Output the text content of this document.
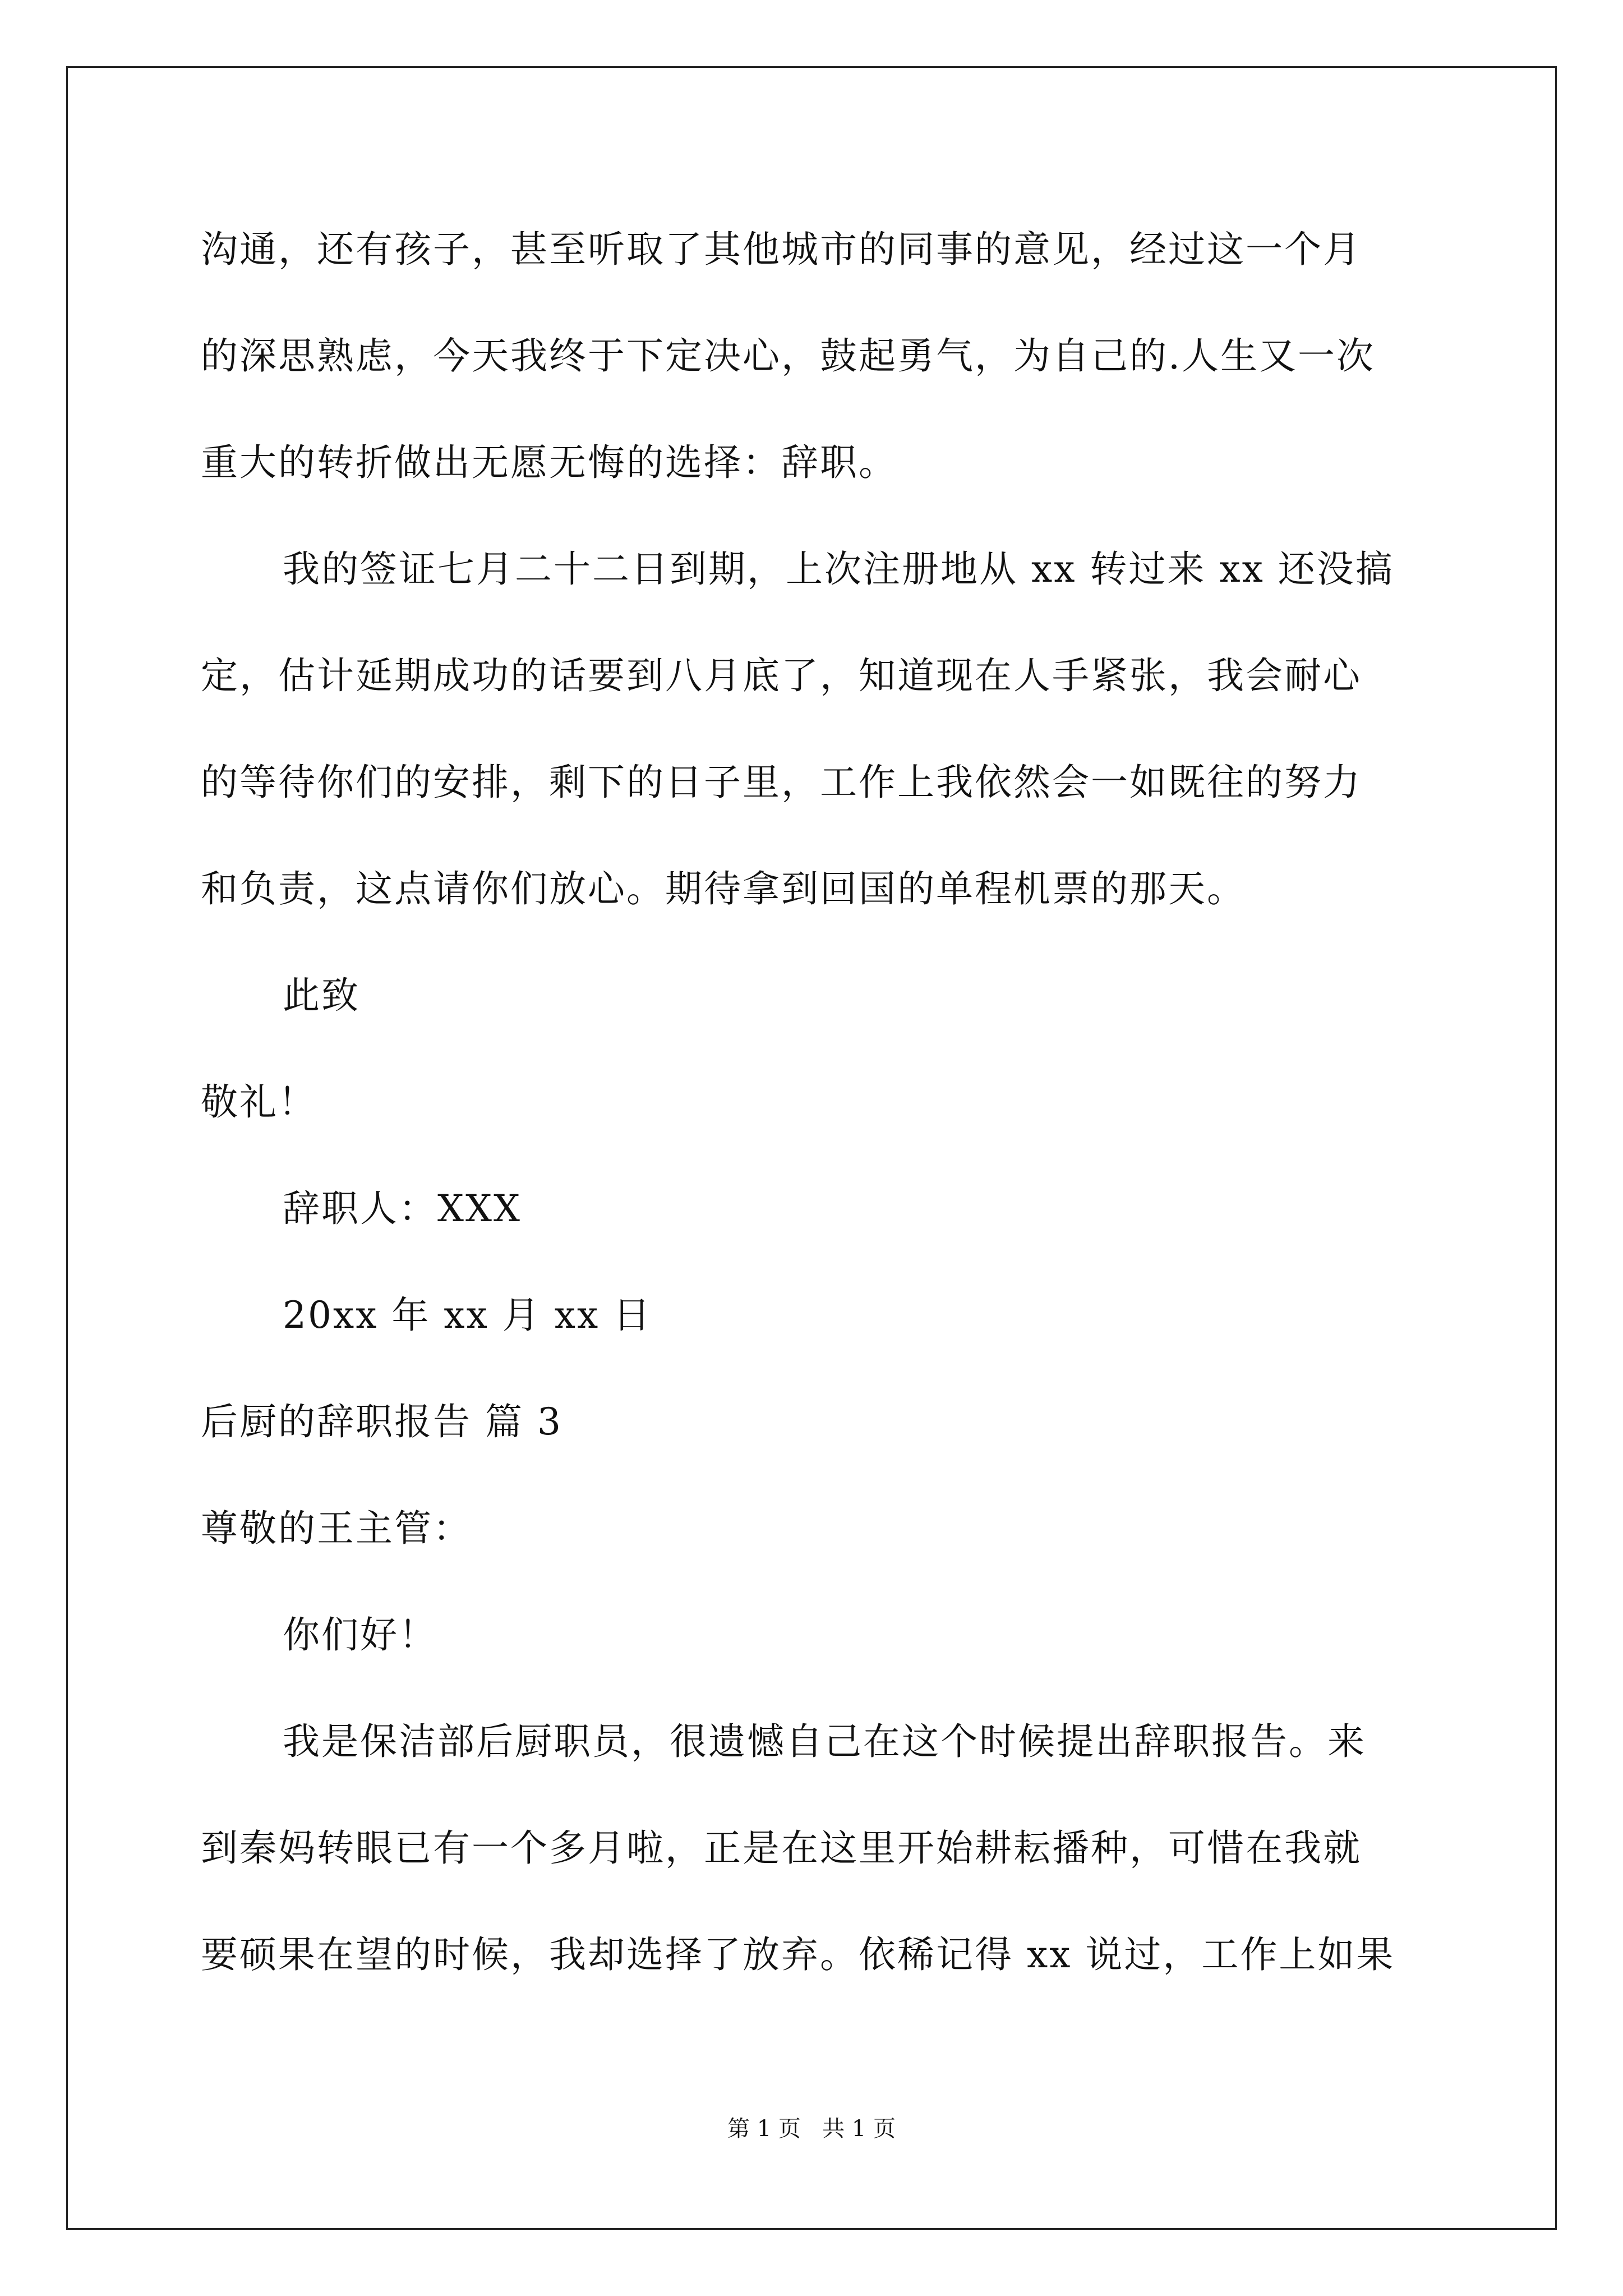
沟通，还有孩子，甚至听取了其他城市的同事的意见，经过这一个月
的深思熟虑，今天我终于下定决心，鼓起勇气，为自己的.人生又一次
重大的转折做出无愿无悔的选择：辞职。
我的签证七月二十二日到期，上次注册地从 xx 转过来 xx 还没搞
定，估计延期成功的话要到八月底了，知道现在人手紧张，我会耐心
的等待你们的安排，剩下的日子里，工作上我依然会一如既往的努力
和负责，这点请你们放心。期待拿到回国的单程机票的那天。
此致
敬礼！
辞职人：XXX
20xx 年 xx 月 xx 日
后厨的辞职报告 篇 3
尊敬的王主管：
你们好！
我是保洁部后厨职员，很遗憾自己在这个时候提出辞职报告。来
到秦妈转眼已有一个多月啦，正是在这里开始耕耘播种，可惜在我就
要硕果在望的时候，我却选择了放弃。依稀记得 xx 说过，工作上如果
第 1 页   共 1 页
